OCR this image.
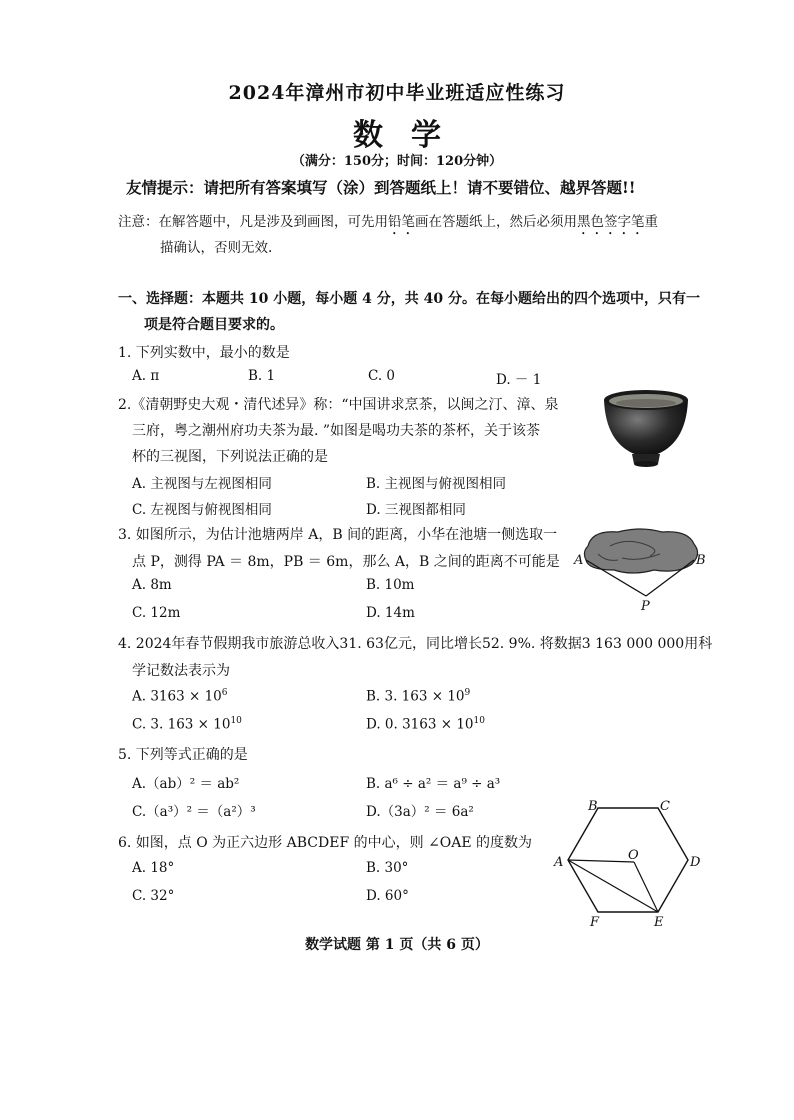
2024年漳州市初中毕业班适应性练习
数学
（满分：150分；时间：120分钟）
友情提示：请把所有答案填写（涂）到答题纸上！请不要错位、越界答题!!
注意：在解答题中，凡是涉及到画图，可先用铅笔画在答题纸上，然后必须用黑色签字笔重
描确认，否则无效.
一、选择题：本题共 10 小题，每小题 4 分，共 40 分。在每小题给出的四个选项中，只有一
项是符合题目要求的。
1. 下列实数中，最小的数是
A. π	B. 1	C. 0	D. － 1
2.《清朝野史大观・清代述异》称：“中国讲求烹茶，以闽之汀、漳、泉
三府，粤之潮州府功夫茶为最. ”如图是喝功夫茶的茶杯，关于该茶
杯的三视图，下列说法正确的是
A. 主视图与左视图相同	B. 主视图与俯视图相同
C. 左视图与俯视图相同	D. 三视图都相同
3. 如图所示，为估计池塘两岸 A，B 间的距离，小华在池塘一侧选取一
点 P，测得 PA ＝ 8m，PB ＝ 6m，那么 A，B 之间的距离不可能是
A. 8m	B. 10m
C. 12m	D. 14m
A	B
P
4. 2024年春节假期我市旅游总收入31. 63亿元，同比增长52. 9%. 将数据3 163 000 000用科
学记数法表示为
A. $3163 \times 10^6$	B. 3. $163 \times 10^9$
C. 3. $163 \times 10^{10}$	D. 0. $3163 \times 10^{10}$
5. 下列等式正确的是
A.（ab）² ＝ ab²	B. a⁶ ÷ a² ＝ a⁹ ÷ a³
C.（a³）² ＝（a²）³	D.（3a）² ＝ 6a²
6. 如图，点 O 为正六边形 ABCDEF 的中心，则 ∠OAE 的度数为
A. 18°	B. 30°
C. 32°	D. 60°
B	C
A	O	D
F	E
数学试题 第 1 页（共 6 页）
